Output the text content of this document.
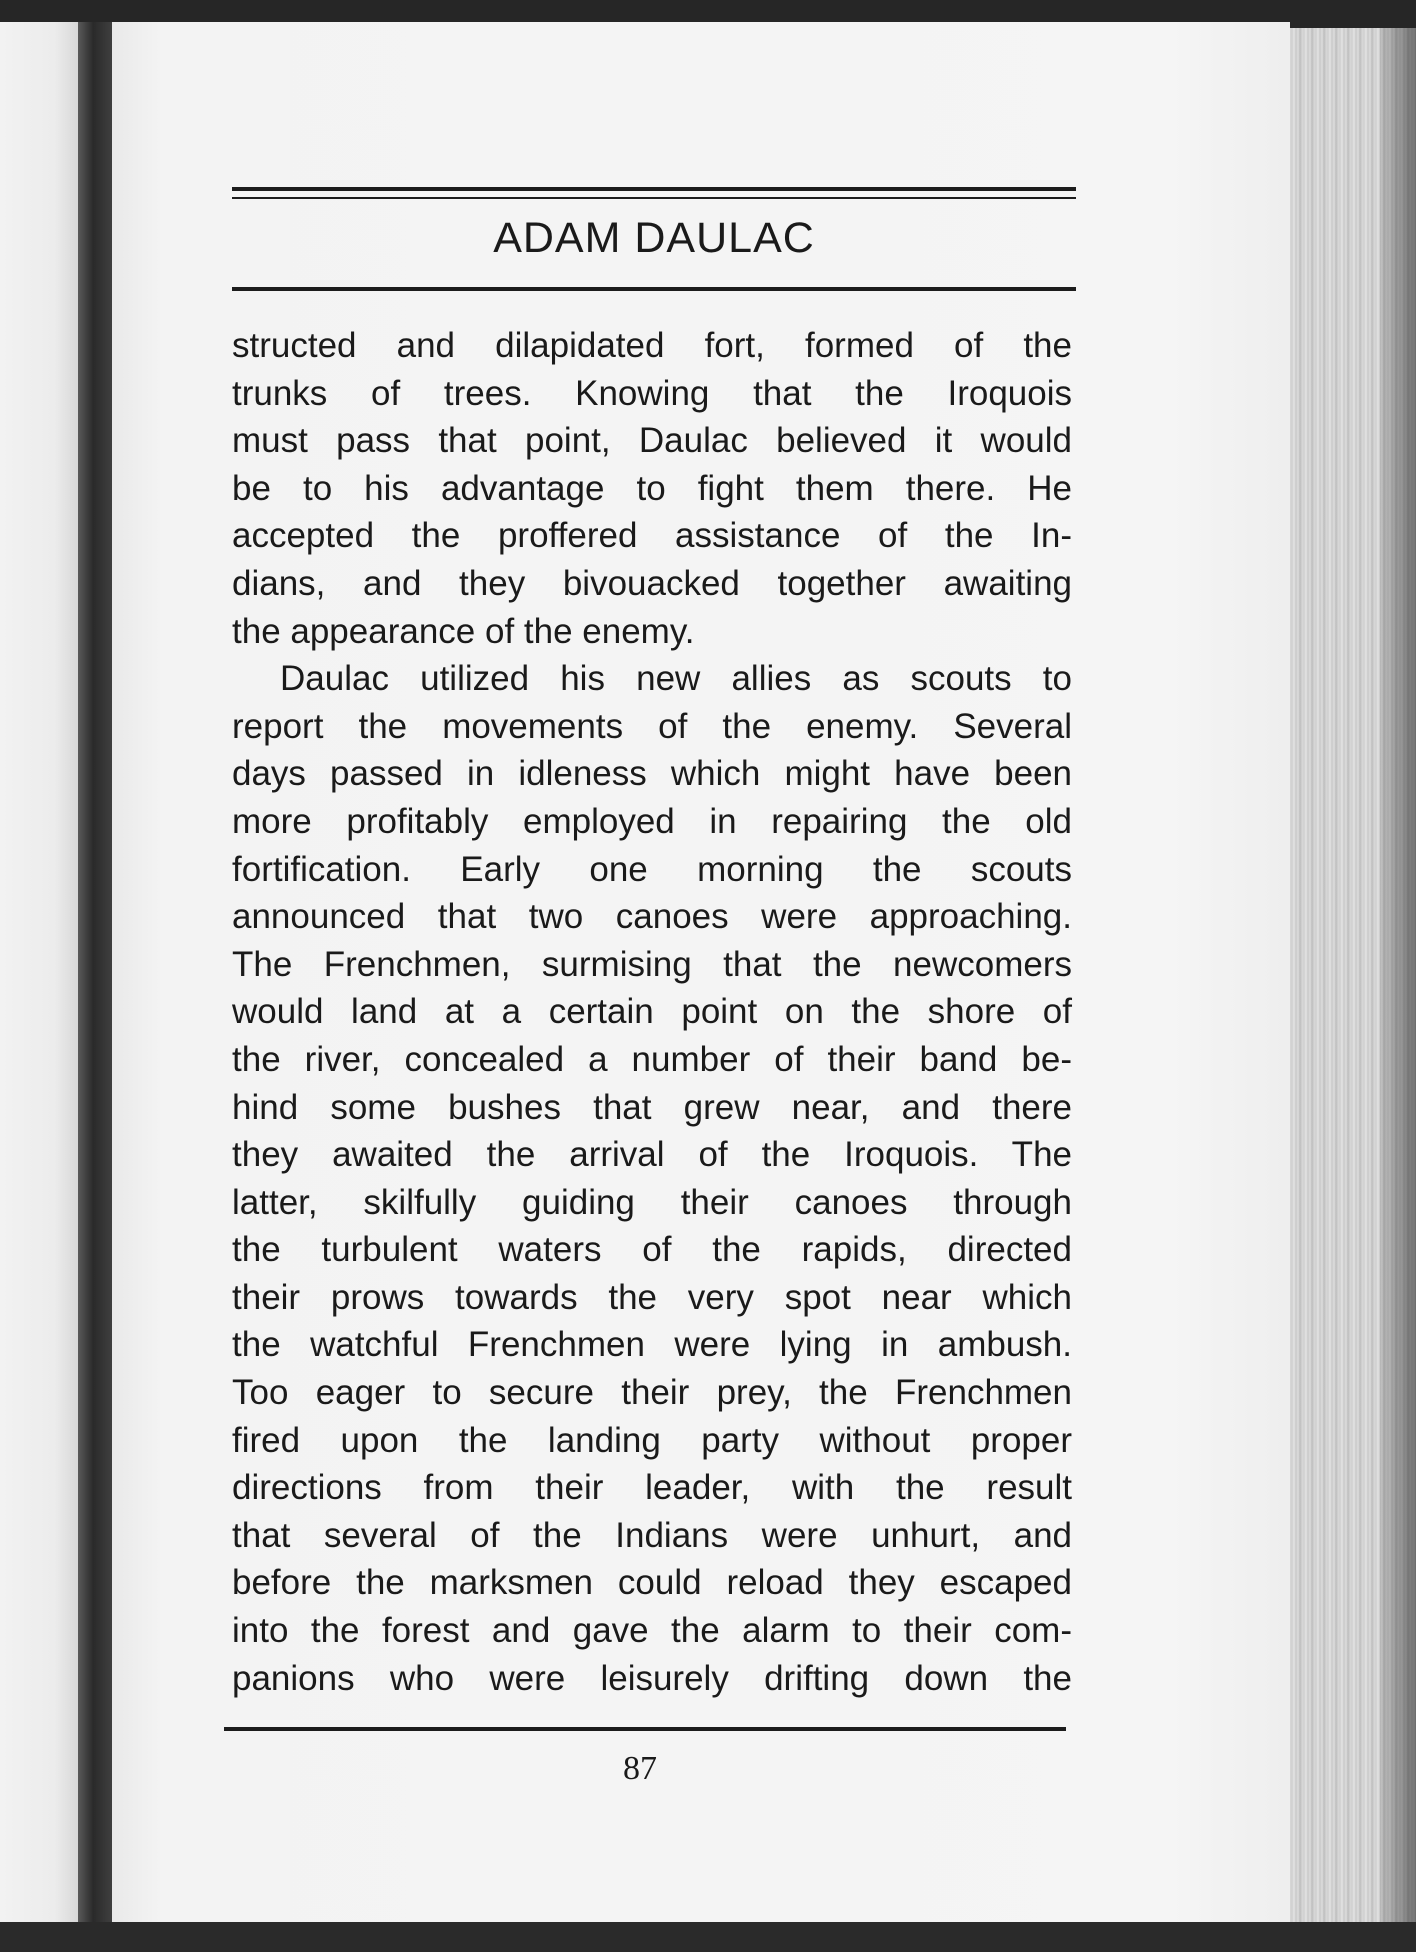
ADAM DAULAC
structed and dilapidated fort, formed of the
trunks of trees. Knowing that the Iroquois
must pass that point, Daulac believed it would
be to his advantage to fight them there. He
accepted the proffered assistance of the In-
dians, and they bivouacked together awaiting
the appearance of the enemy.
Daulac utilized his new allies as scouts to
report the movements of the enemy. Several
days passed in idleness which might have been
more profitably employed in repairing the old
fortification. Early one morning the scouts
announced that two canoes were approaching.
The Frenchmen, surmising that the newcomers
would land at a certain point on the shore of
the river, concealed a number of their band be-
hind some bushes that grew near, and there
they awaited the arrival of the Iroquois. The
latter, skilfully guiding their canoes through
the turbulent waters of the rapids, directed
their prows towards the very spot near which
the watchful Frenchmen were lying in ambush.
Too eager to secure their prey, the Frenchmen
fired upon the landing party without proper
directions from their leader, with the result
that several of the Indians were unhurt, and
before the marksmen could reload they escaped
into the forest and gave the alarm to their com-
panions who were leisurely drifting down the
87
